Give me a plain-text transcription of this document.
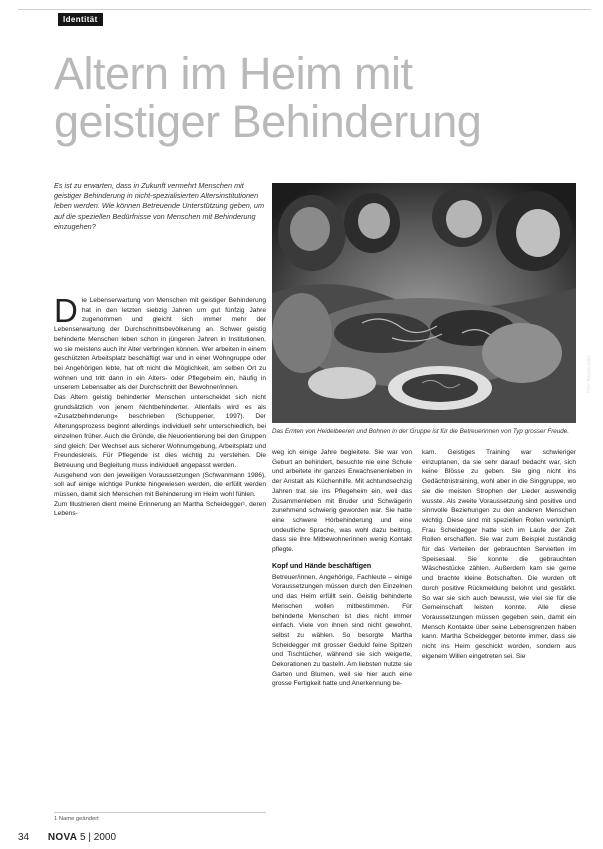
Identität
Altern im Heim mit geistiger Behinderung
Es ist zu erwarten, dass in Zukunft vermehrt Menschen mit geistiger Behinderung in nicht-spezialisierten Altersinstitutionen leben werden. Wie können Betreuende Unterstützung geben, um auf die speziellen Bedürfnisse von Menschen mit Behinderung einzugehen?

Die Lebenserwartung von Menschen mit geistiger Behinderung hat in den letzten siebzig Jahren um gut fünfzig Jahre zugenommen und gleicht sich immer mehr der Lebenserwartung der Durchschnittsbevölkerung an. Schwer geistig behinderte Menschen leben schon in jüngeren Jahren in Institutionen, wo sie meistens auch ihr Alter verbringen können. Wer arbeiten in einem geschützten Arbeitsplatz beschäftigt war und in einer Wohngruppe oder bei Angehörigen lebte, hat oft nicht die Möglichkeit, am selben Ort zu wohnen und tritt dann in ein Alters- oder Pflegeheim ein, häufig in unserem Lebensalter als der Durchschnitt der Bewohner/innen.

Das Altern geistig behinderter Menschen unterscheidet sich nicht grundsätzlich von jenem Nichtbehinderter. Allenfalls wird es als «Zusatzbehinderung» beschrieben (Schuppener, 1997). Der Alterungsprozess beginnt allerdings individuell sehr unterschiedlich, bei einzelnen früher. Auch die Gründe, die Neuorientierung bei den Gruppen sind gleich: Der Wechsel aus sicherer Wohnumgebung, Arbeitsplatz und Freundeskreis. Für Pflegende ist dies wichtig zu verstehen. Die Betreuung und Begleitung muss individuell angepasst werden.

Ausgehend von den jeweiligen Voraussetzungen (Schwanmann 1986), soll auf einige wichtige Punkte hingewiesen werden, die erfüllt werden müssen, damit sich Menschen mit Behinderung im Heim wohl fühlen.

Zum Illustrieren dient meine Erinnerung an Martha Scheidegger¹, deren Lebens-

Foto: Regula Ganz
Das Ernten von Heidelbeeren und Bohnen in der Gruppe ist für die Betreuerinnen von Typ grosser Freude.

weg ich einige Jahre begleitete. Sie war von Geburt an behindert, besuchte nie eine Schule und arbeitete ihr ganzes Erwachsenenleben in der Anstalt als Küchenhilfe. Mit achtundsechzig Jahren trat sie ins Pflegeheim ein, weil das Zusammenleben mit Bruder und Schwägerin zunehmend schwierig geworden war. Sie hatte eine schwere Hörbehinderung und eine undeutliche Sprache, was wohl dazu beitrug, dass sie ihre Mitbewohnerinnen wenig Kontakt pflegte.

Kopf und Hände beschäftigen

Betreuer/innen, Angehörige, Fachleute – einige Voraussetzungen müssen durch den Einzelnen und das Heim erfüllt sein. Geistig behinderte Menschen wollen mitbestimmen. Für behinderte Menschen ist dies nicht immer einfach. Viele von ihnen sind nicht gewohnt, selbst zu wählen. So besorgte Martha Scheidegger mit grosser Geduld feine Spitzen und Tischtücher, während sie sich weigerte, Dekorationen zu basteln. Am liebsten nutzte sie Garten und Blumen, weil sie hier auch eine grosse Fertigkeit hatte und Anerkennung be-

kam. Geistiges Training war schwieriger einzuplanen, da sie sehr darauf bedacht war, sich keine Blösse zu geben. Sie ging nicht ins Gedächtnistraining, wohl aber in die Singgruppe, wo sie die meisten Strophen der Lieder auswendig wusste. Als zweite Voraussetzung sind positive und sinnvolle Beziehungen zu den anderen Menschen wichtig. Diese sind mit speziellen Rollen verknüpft. Frau Scheidegger hatte sich im Laufe der Zeit Rollen erschaffen. Sie war zum Beispiel zuständig für das Verteilen der gebrauchten Servietten im Speisesaal. Sie konnte die gebrauchten Wäschestücke zählen. Außerdem kam sie gerne und brachte kleine Botschaften. Die wurden oft durch positive Rückmeldung belohnt und gestärkt. So war sie sich auch bewusst, wie viel sie für die Gemeinschaft leisten konnte. Alle diese Voraussetzungen müssen gegeben sein, damit ein Mensch Kontakte über seine Lebensgrenzen haben kann. Martha Scheidegger betonte immer, dass sie nicht ins Heim geschickt worden, sondern aus eigenem Willen eingetreten sei. Sie

1 Name geändert
34 NOVA 5 | 2000
